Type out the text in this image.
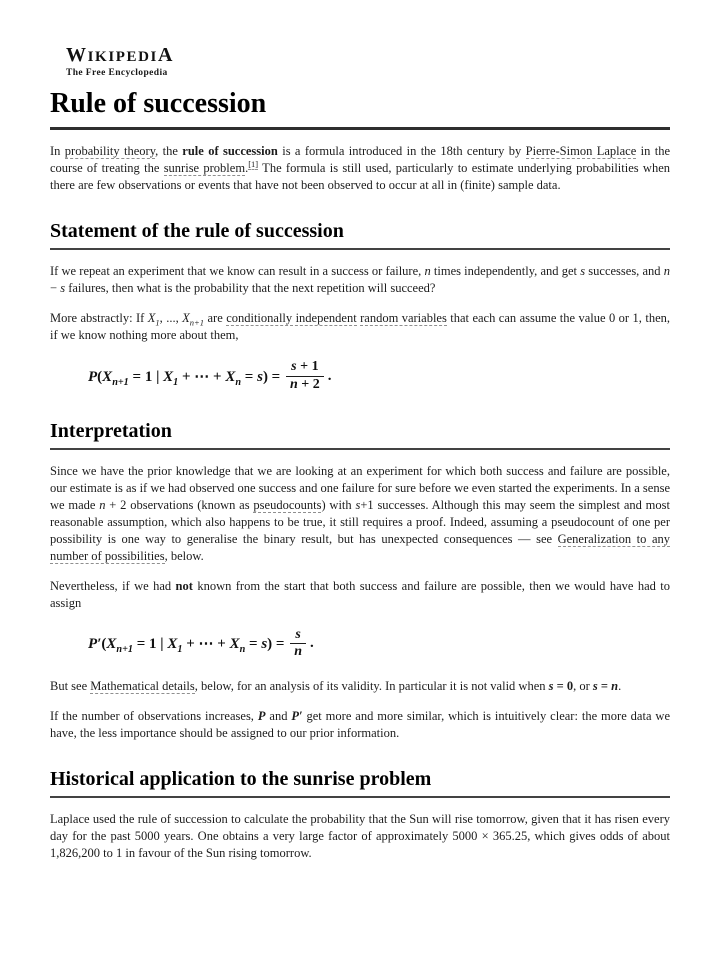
WIKIPEDIA
The Free Encyclopedia
Rule of succession

In probability theory, the rule of succession is a formula introduced in the 18th century by Pierre-Simon Laplace in the course of treating the sunrise problem.[1] The formula is still used, particularly to estimate underlying probabilities when there are few observations or events that have not been observed to occur at all in (finite) sample data.

Statement of the rule of succession

If we repeat an experiment that we know can result in a success or failure, n times independently, and get s successes, and n − s failures, then what is the probability that the next repetition will succeed?

More abstractly: If $X_1$, ..., $X_{n+1}$ are conditionally independent random variables that each can assume the value 0 or 1, then, if we know nothing more about them,

$P(X_{n+1} = 1$ | $X_1$ + ⋯ + $X_n = s) = \frac{s + 1}{n + 2}$ .
Interpretation

Since we have the prior knowledge that we are looking at an experiment for which both success and failure are possible, our estimate is as if we had observed one success and one failure for sure before we even started the experiments. In a sense we made n + 2 observations (known as pseudocounts) with s+1 successes. Although this may seem the simplest and most reasonable assumption, which also happens to be true, it still requires a proof. Indeed, assuming a pseudocount of one per possibility is one way to generalise the binary result, but has unexpected consequences — see Generalization to any number of possibilities, below.

Nevertheless, if we had not known from the start that both success and failure are possible, then we would have had to assign

$P'(X_{n+1} = 1$ | $X_1$ + ⋯ + $X_n = s) = \frac{s}{n}$ .

But see Mathematical details, below, for an analysis of its validity. In particular it is not valid when s = 0, or s = n.

If the number of observations increases, P and P′ get more and more similar, which is intuitively clear: the more data we have, the less importance should be assigned to our prior information.

Historical application to the sunrise problem

Laplace used the rule of succession to calculate the probability that the Sun will rise tomorrow, given that it has risen every day for the past 5000 years. One obtains a very large factor of approximately 5000 × 365.25, which gives odds of about 1,826,200 to 1 in favour of the Sun rising tomorrow.
